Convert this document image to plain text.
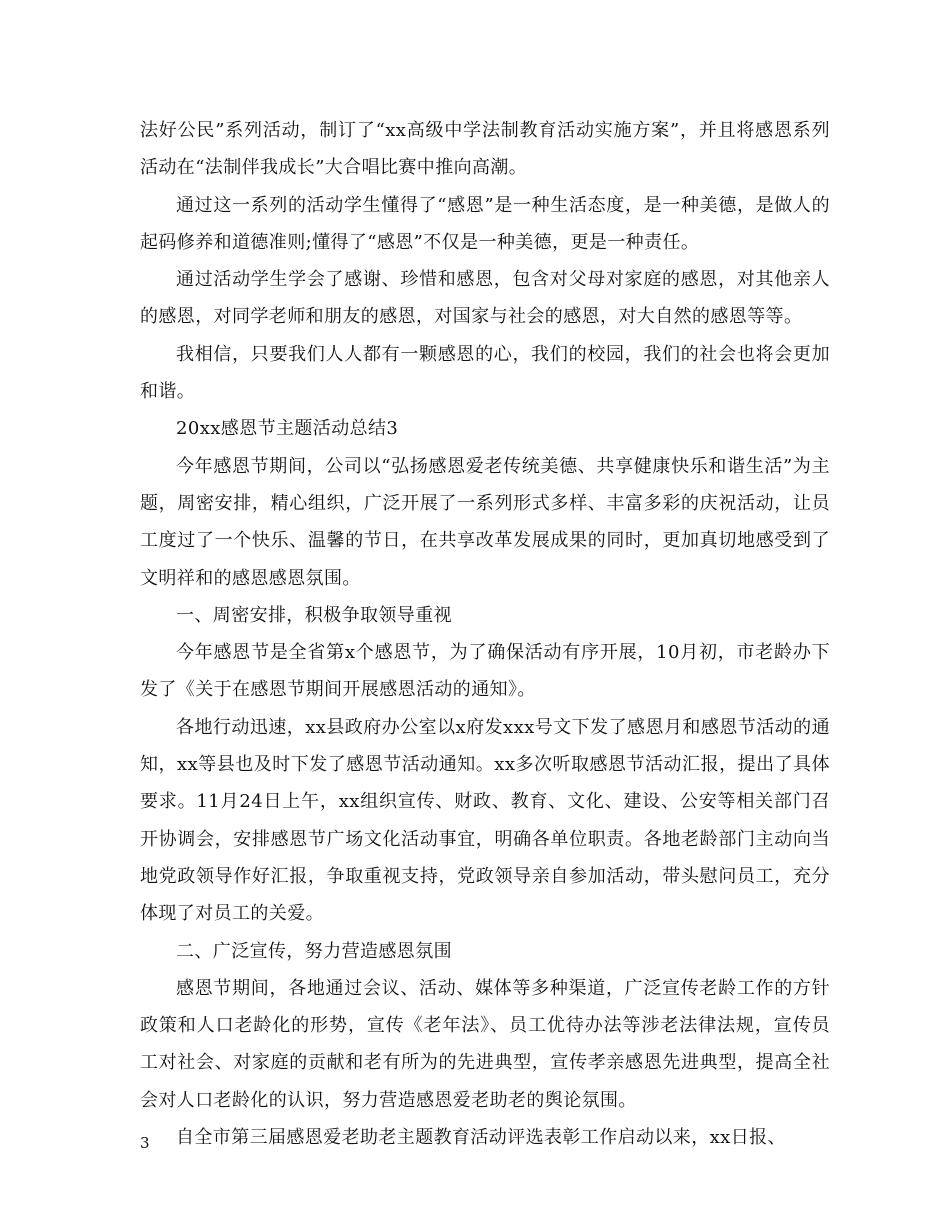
法好公民”系列活动，制订了“xx高级中学法制教育活动实施方案”，并且将感恩系列活动在“法制伴我成长”大合唱比赛中推向高潮。

通过这一系列的活动学生懂得了“感恩”是一种生活态度，是一种美德，是做人的起码修养和道德准则;懂得了“感恩”不仅是一种美德，更是一种责任。

通过活动学生学会了感谢、珍惜和感恩，包含对父母对家庭的感恩，对其他亲人的感恩，对同学老师和朋友的感恩，对国家与社会的感恩，对大自然的感恩等等。

我相信，只要我们人人都有一颗感恩的心，我们的校园，我们的社会也将会更加和谐。

20xx感恩节主题活动总结3

今年感恩节期间，公司以“弘扬感恩爱老传统美德、共享健康快乐和谐生活”为主题，周密安排，精心组织，广泛开展了一系列形式多样、丰富多彩的庆祝活动，让员工度过了一个快乐、温馨的节日，在共享改革发展成果的同时，更加真切地感受到了文明祥和的感恩感恩氛围。

一、周密安排，积极争取领导重视

今年感恩节是全省第x个感恩节，为了确保活动有序开展，10月初，市老龄办下发了《关于在感恩节期间开展感恩活动的通知》。

各地行动迅速，xx县政府办公室以x府发xxx号文下发了感恩月和感恩节活动的通知，xx等县也及时下发了感恩节活动通知。xx多次听取感恩节活动汇报，提出了具体要求。11月24日上午，xx组织宣传、财政、教育、文化、建设、公安等相关部门召开协调会，安排感恩节广场文化活动事宜，明确各单位职责。各地老龄部门主动向当地党政领导作好汇报，争取重视支持，党政领导亲自参加活动，带头慰问员工，充分体现了对员工的关爱。

二、广泛宣传，努力营造感恩氛围

感恩节期间，各地通过会议、活动、媒体等多种渠道，广泛宣传老龄工作的方针政策和人口老龄化的形势，宣传《老年法》、员工优待办法等涉老法律法规，宣传员工对社会、对家庭的贡献和老有所为的先进典型，宣传孝亲感恩先进典型，提高全社会对人口老龄化的认识，努力营造感恩爱老助老的舆论氛围。

自全市第三届感恩爱老助老主题教育活动评选表彰工作启动以来，xx日报、

3
